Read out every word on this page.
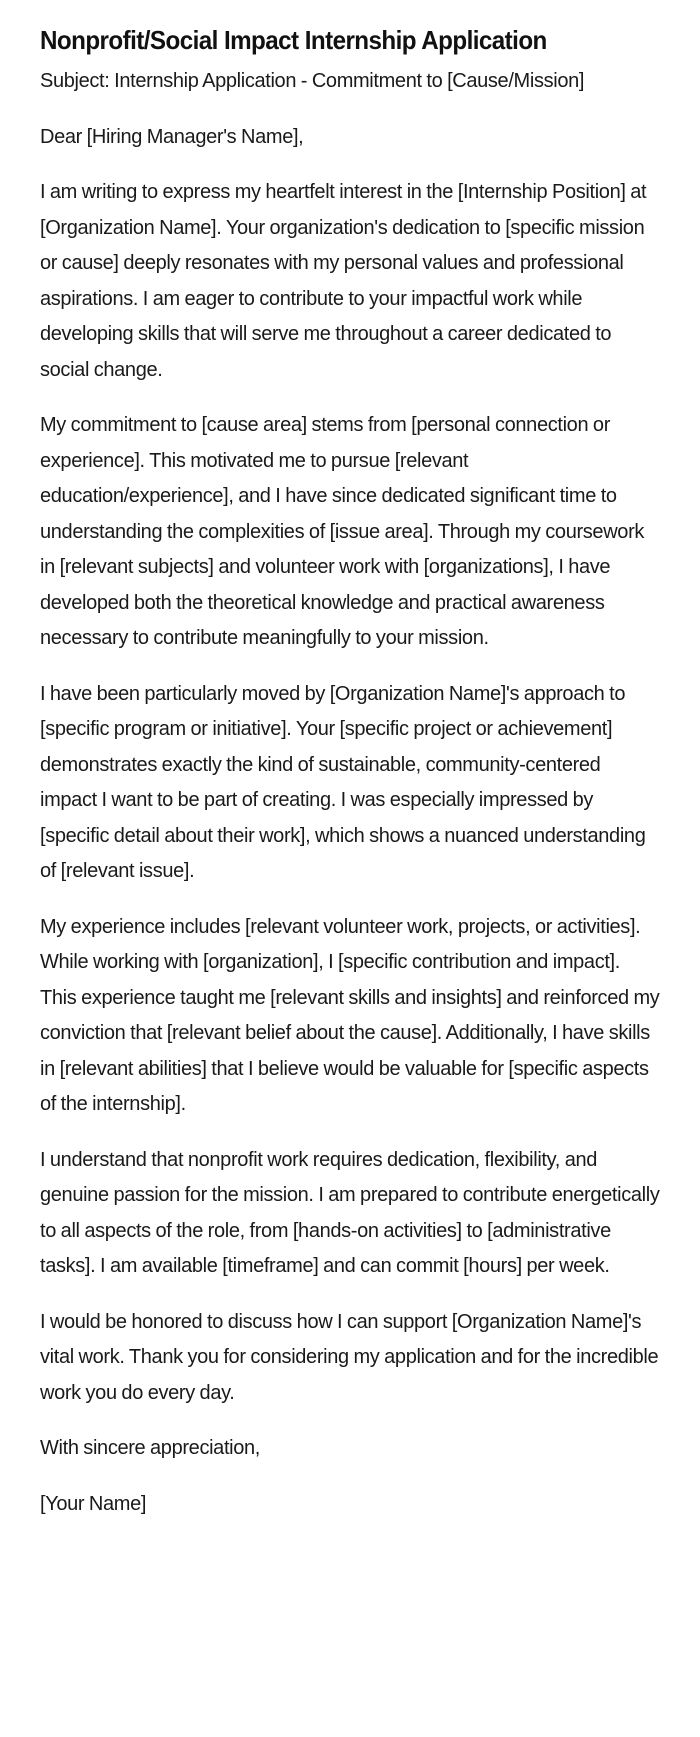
Nonprofit/Social Impact Internship Application

Subject: Internship Application - Commitment to [Cause/Mission]

Dear [Hiring Manager's Name],

I am writing to express my heartfelt interest in the [Internship Position] at [Organization Name]. Your organization's dedication to [specific mission or cause] deeply resonates with my personal values and professional aspirations. I am eager to contribute to your impactful work while developing skills that will serve me throughout a career dedicated to social change.

My commitment to [cause area] stems from [personal connection or experience]. This motivated me to pursue [relevant education/experience], and I have since dedicated significant time to understanding the complexities of [issue area]. Through my coursework in [relevant subjects] and volunteer work with [organizations], I have developed both the theoretical knowledge and practical awareness necessary to contribute meaningfully to your mission.

I have been particularly moved by [Organization Name]'s approach to [specific program or initiative]. Your [specific project or achievement] demonstrates exactly the kind of sustainable, community-centered impact I want to be part of creating. I was especially impressed by [specific detail about their work], which shows a nuanced understanding of [relevant issue].

My experience includes [relevant volunteer work, projects, or activities]. While working with [organization], I [specific contribution and impact]. This experience taught me [relevant skills and insights] and reinforced my conviction that [relevant belief about the cause]. Additionally, I have skills in [relevant abilities] that I believe would be valuable for [specific aspects of the internship].

I understand that nonprofit work requires dedication, flexibility, and genuine passion for the mission. I am prepared to contribute energetically to all aspects of the role, from [hands-on activities] to [administrative tasks]. I am available [timeframe] and can commit [hours] per week.

I would be honored to discuss how I can support [Organization Name]'s vital work. Thank you for considering my application and for the incredible work you do every day.

With sincere appreciation,

[Your Name]
